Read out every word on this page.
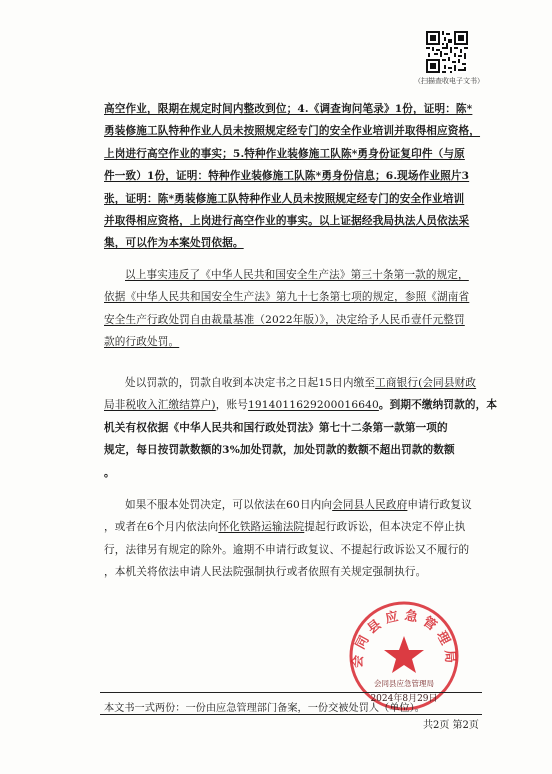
（扫描查收电子文书）
高空作业，限期在规定时间内整改到位；4.《调查询问笔录》1份，证明：陈*
勇装修施工队特种作业人员未按照规定经专门的安全作业培训并取得相应资格，
上岗进行高空作业的事实；5.特种作业装修施工队陈*勇身份证复印件（与原
件一致）1份，证明：特种作业装修施工队陈*勇身份信息；6.现场作业照片3
张，证明：陈*勇装修施工队特种作业人员未按照规定经专门的安全作业培训
并取得相应资格，上岗进行高空作业的事实。以上证据经我局执法人员依法采
集，可以作为本案处罚依据。
以上事实违反了《中华人民共和国安全生产法》第三十条第一款的规定，
依据《中华人民共和国安全生产法》第九十七条第七项的规定，参照《湖南省
安全生产行政处罚自由裁量基准（2022年版）》，决定给予人民币壹仟元整罚
款的行政处罚。
处以罚款的，罚款自收到本决定书之日起15日内缴至工商银行(会同县财政
局非税收入汇缴结算户)，账号1914011629200016640。到期不缴纳罚款的，本
机关有权依据《中华人民共和国行政处罚法》第七十二条第一款第一项的
规定，每日按罚款数额的3%加处罚款，加处罚款的数额不超出罚款的数额
。
如果不服本处罚决定，可以依法在60日内向会同县人民政府申请行政复议
，或者在6个月内依法向怀化铁路运输法院提起行政诉讼，但本决定不停止执
行，法律另有规定的除外。逾期不申请行政复议、不提起行政诉讼又不履行的
，本机关将依法申请人民法院强制执行或者依照有关规定强制执行。
会同县应急管理局
会同县应急管理局
2024年8月29日
本文书一式两份：一份由应急管理部门备案，一份交被处罚人（单位）。
共2页 第2页
